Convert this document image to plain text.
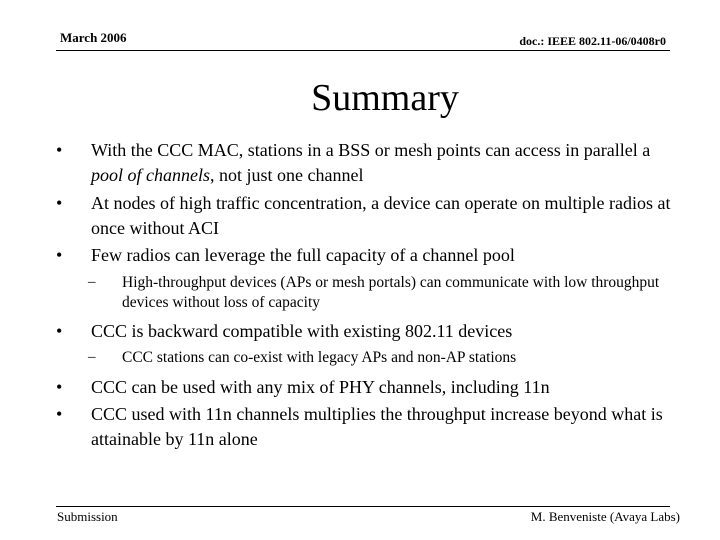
March 2006	doc.: IEEE 802.11-06/0408r0
Summary
• With the CCC MAC, stations in a BSS or mesh points can access in parallel a pool of channels, not just one channel
• At nodes of high traffic concentration, a device can operate on multiple radios at once without ACI
• Few radios can leverage the full capacity of a channel pool
– High-throughput devices (APs or mesh portals) can communicate with low throughput devices without loss of capacity
• CCC is backward compatible with existing 802.11 devices
– CCC stations can co-exist with legacy APs and non-AP stations
• CCC can be used with any mix of PHY channels, including 11n
• CCC used with 11n channels multiplies the throughput increase beyond what is attainable by 11n alone
Submission	M. Benveniste (Avaya Labs)
